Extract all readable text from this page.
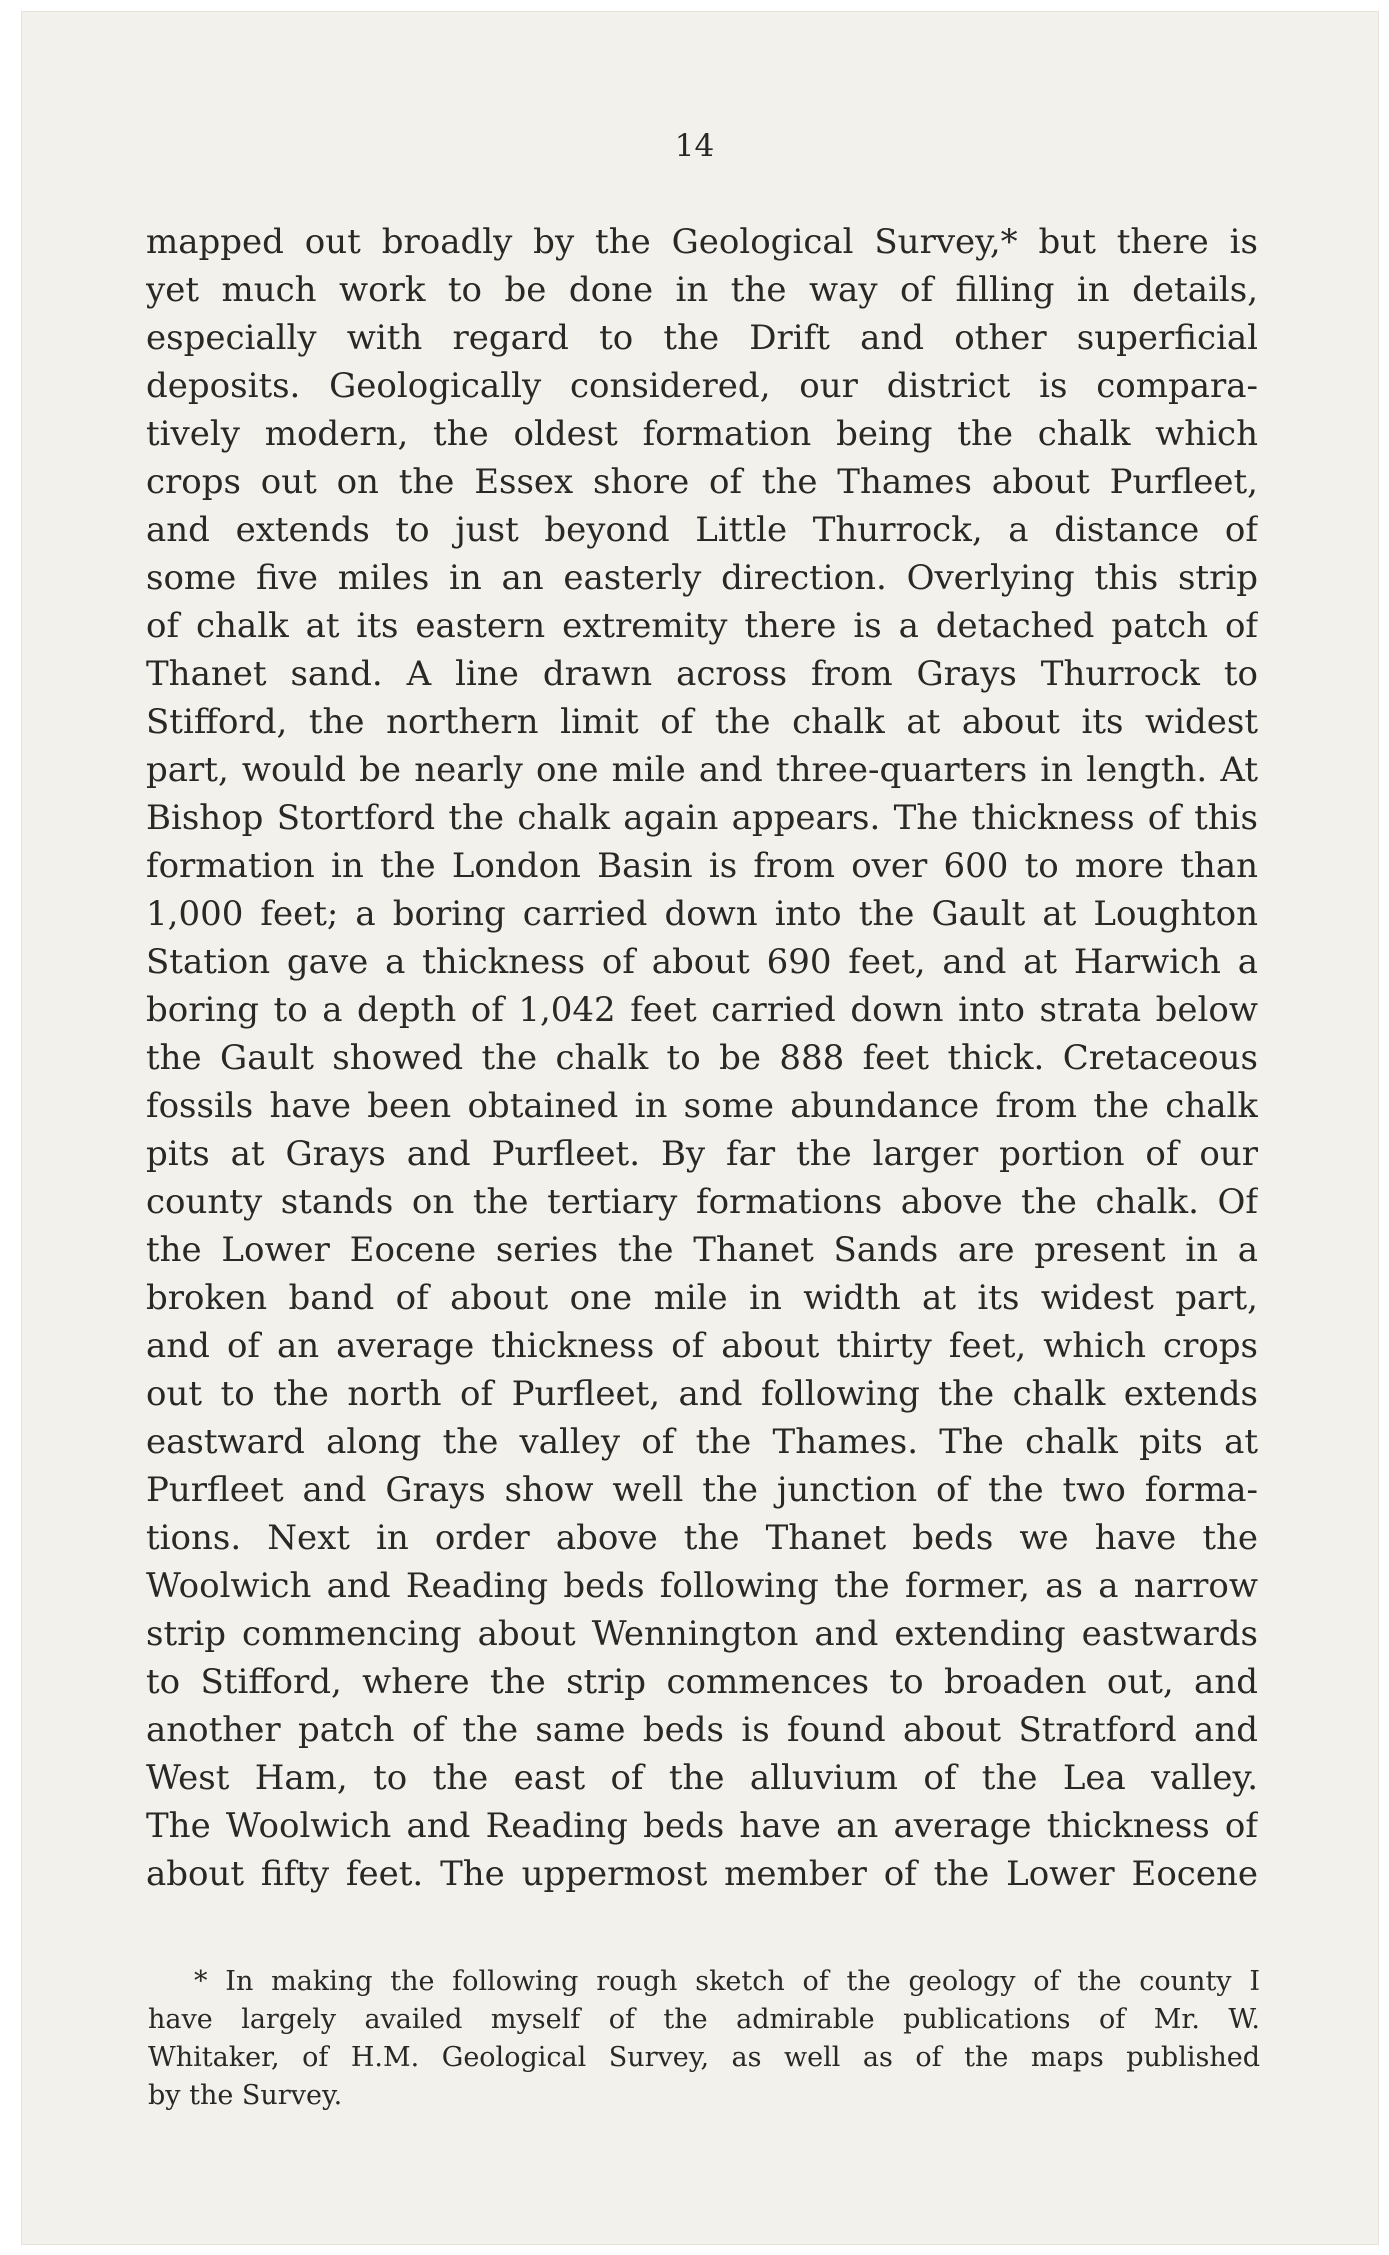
14
mapped out broadly by the Geological Survey,* but there is
yet much work to be done in the way of filling in details,
especially with regard to the Drift and other superficial
deposits. Geologically considered, our district is compara-
tively modern, the oldest formation being the chalk which
crops out on the Essex shore of the Thames about Purfleet,
and extends to just beyond Little Thurrock, a distance of
some five miles in an easterly direction. Overlying this strip
of chalk at its eastern extremity there is a detached patch of
Thanet sand. A line drawn across from Grays Thurrock to
Stifford, the northern limit of the chalk at about its widest
part, would be nearly one mile and three-quarters in length. At
Bishop Stortford the chalk again appears. The thickness of this
formation in the London Basin is from over 600 to more than
1,000 feet; a boring carried down into the Gault at Loughton
Station gave a thickness of about 690 feet, and at Harwich a
boring to a depth of 1,042 feet carried down into strata below
the Gault showed the chalk to be 888 feet thick. Cretaceous
fossils have been obtained in some abundance from the chalk
pits at Grays and Purfleet. By far the larger portion of our
county stands on the tertiary formations above the chalk. Of
the Lower Eocene series the Thanet Sands are present in a
broken band of about one mile in width at its widest part,
and of an average thickness of about thirty feet, which crops
out to the north of Purfleet, and following the chalk extends
eastward along the valley of the Thames. The chalk pits at
Purfleet and Grays show well the junction of the two forma-
tions. Next in order above the Thanet beds we have the
Woolwich and Reading beds following the former, as a narrow
strip commencing about Wennington and extending eastwards
to Stifford, where the strip commences to broaden out, and
another patch of the same beds is found about Stratford and
West Ham, to the east of the alluvium of the Lea valley.
The Woolwich and Reading beds have an average thickness of
about fifty feet. The uppermost member of the Lower Eocene
* In making the following rough sketch of the geology of the county I
have largely availed myself of the admirable publications of Mr. W.
Whitaker, of H.M. Geological Survey, as well as of the maps published
by the Survey.
